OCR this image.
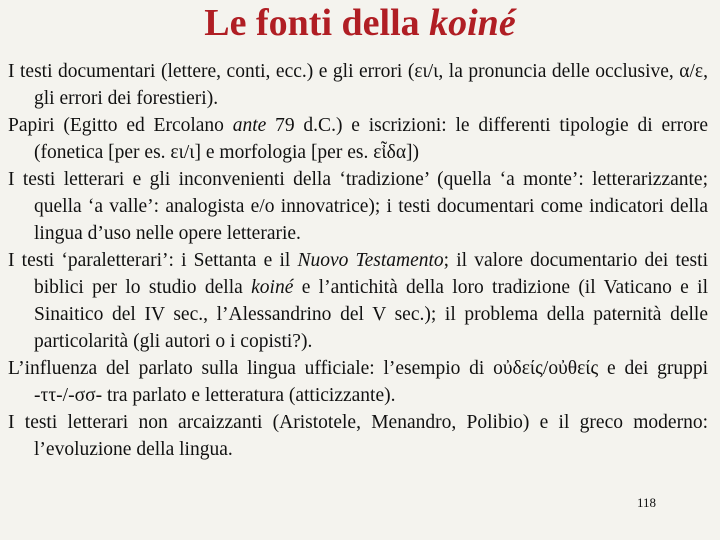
Le fonti della koiné

I testi documentari (lettere, conti, ecc.) e gli errori (ει/ι, la pronuncia delle occlusive, α/ε, gli errori dei forestieri).

Papiri (Egitto ed Ercolano ante 79 d.C.) e iscrizioni: le differenti tipologie di errore (fonetica [per es. ει/ι] e morfologia [per es. εἶδα])

I testi letterari e gli inconvenienti della ‘tradizione’ (quella ‘a monte’: letterarizzante; quella ‘a valle’: analogista e/o innovatrice); i testi documentari come indicatori della lingua d’uso nelle opere letterarie.

I testi ‘paraletterari’: i Settanta e il Nuovo Testamento; il valore documentario dei testi biblici per lo studio della koiné e l’antichità della loro tradizione (il Vaticano e il Sinaitico del IV sec., l’Alessandrino del V sec.); il problema della paternità delle particolarità (gli autori o i copisti?).

L’influenza del parlato sulla lingua ufficiale: l’esempio di οὐδείς/οὐθείς e dei gruppi -ττ-/-σσ- tra parlato e letteratura (atticizzante).

I testi letterari non arcaizzanti (Aristotele, Menandro, Polibio) e il greco moderno: l’evoluzione della lingua.

118
